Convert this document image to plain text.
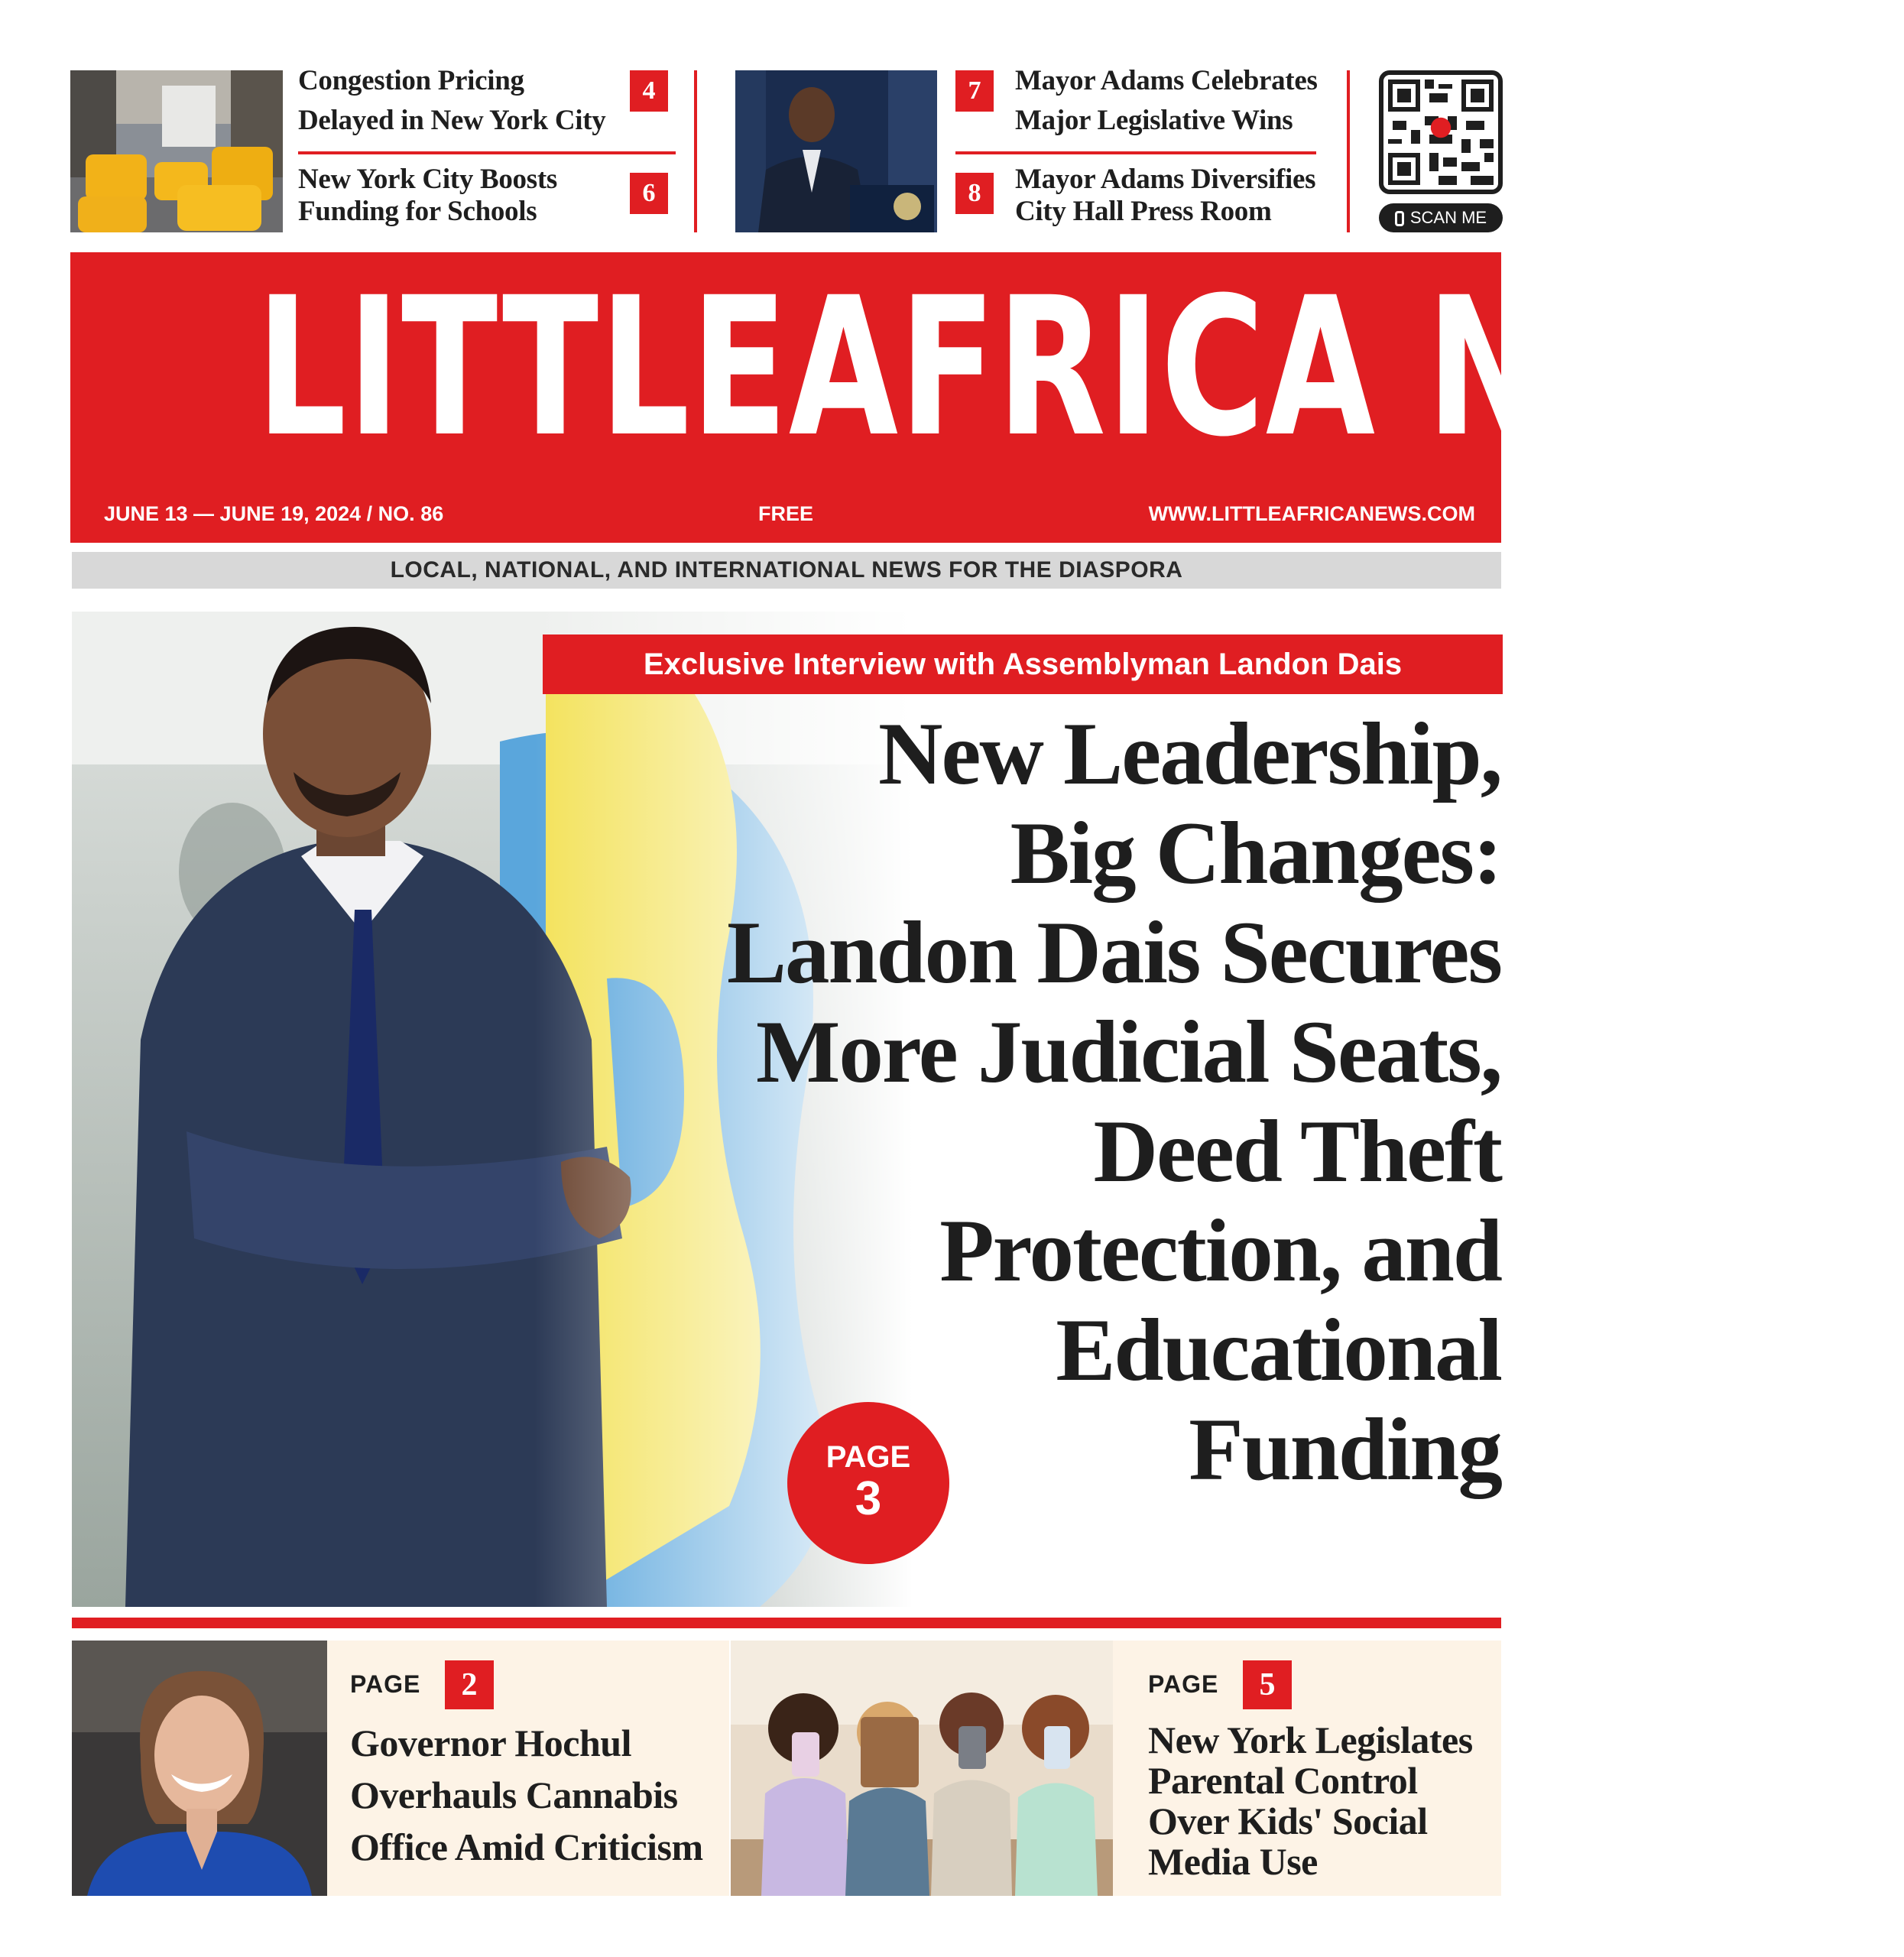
Congestion Pricing
Delayed in New York City
4
New York City Boosts
Funding for Schools
6
Mayor Adams Celebrates
Major Legislative Wins
7
Mayor Adams Diversifies
City Hall Press Room
8
SCAN ME
LITTLEAFRICA NEWS
JUNE 13 — JUNE 19, 2024 / NO. 86	FREE	WWW.LITTLEAFRICANEWS.COM
LOCAL, NATIONAL, AND INTERNATIONAL NEWS FOR THE DIASPORA
Exclusive Interview with Assemblyman Landon Dais
New Leadership,
Big Changes:
Landon Dais Secures
More Judicial Seats,
Deed Theft
Protection, and
Educational
Funding
PAGE
3
PAGE	2
Governor Hochul
Overhauls Cannabis
Office Amid Criticism
PAGE	5
New York Legislates
Parental Control
Over Kids' Social
Media Use
